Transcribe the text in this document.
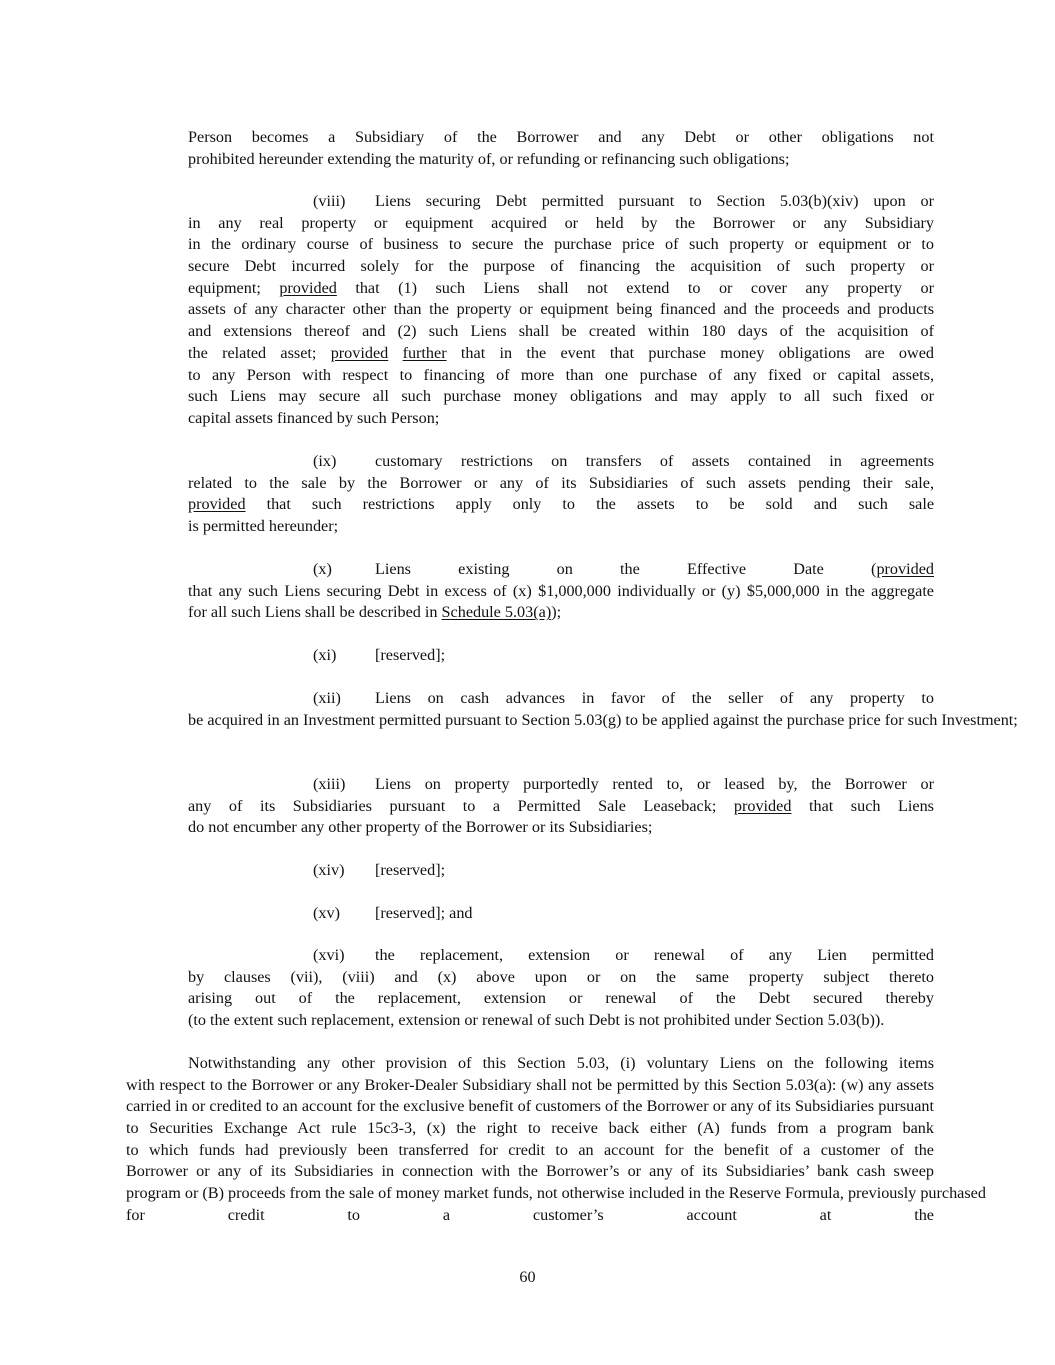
Person becomes a Subsidiary of the Borrower and any Debt or other obligations not
prohibited hereunder extending the maturity of, or refunding or refinancing such obligations;
(viii) Liens securing Debt permitted pursuant to Section 5.03(b)(xiv) upon or
in any real property or equipment acquired or held by the Borrower or any Subsidiary
in the ordinary course of business to secure the purchase price of such property or equipment or to
secure Debt incurred solely for the purpose of financing the acquisition of such property or
equipment; provided that (1) such Liens shall not extend to or cover any property or
assets of any character other than the property or equipment being financed and the proceeds and products
and extensions thereof and (2) such Liens shall be created within 180 days of the acquisition of
the related asset; provided further that in the event that purchase money obligations are owed
to any Person with respect to financing of more than one purchase of any fixed or capital assets,
such Liens may secure all such purchase money obligations and may apply to all such fixed or
capital assets financed by such Person;
(ix) customary restrictions on transfers of assets contained in agreements
related to the sale by the Borrower or any of its Subsidiaries of such assets pending their sale,
provided that such restrictions apply only to the assets to be sold and such sale
is permitted hereunder;
(x)	Liens existing on the Effective Date (provided
that any such Liens securing Debt in excess of (x) $1,000,000 individually or (y) $5,000,000 in the aggregate
for all such Liens shall be described in Schedule 5.03(a));
(xi) [reserved];
(xii) Liens on cash advances in favor of the seller of any property to
be acquired in an Investment permitted pursuant to Section 5.03(g) to be applied against the purchase price for such Investment;
(xiii) Liens on property purportedly rented to, or leased by, the Borrower or
any of its Subsidiaries pursuant to a Permitted Sale Leaseback; provided that such Liens
do not encumber any other property of the Borrower or its Subsidiaries;
(xiv) [reserved];
(xv) [reserved]; and
(xvi) the replacement, extension or renewal of any Lien permitted
by clauses (vii), (viii) and (x) above upon or on the same property subject thereto
arising out of the replacement, extension or renewal of the Debt secured thereby
(to the extent such replacement, extension or renewal of such Debt is not prohibited under Section 5.03(b)).
Notwithstanding any other provision of this Section 5.03, (i) voluntary Liens on the following items
with respect to the Borrower or any Broker-Dealer Subsidiary shall not be permitted by this Section 5.03(a): (w) any assets
carried in or credited to an account for the exclusive benefit of customers of the Borrower or any of its Subsidiaries pursuant
to Securities Exchange Act rule 15c3-3, (x) the right to receive back either (A) funds from a program bank
to which funds had previously been transferred for credit to an account for the benefit of a customer of the
Borrower or any of its Subsidiaries in connection with the Borrower’s or any of its Subsidiaries’ bank cash sweep
program or (B) proceeds from the sale of money market funds, not otherwise included in the Reserve Formula, previously purchased
for credit to a customer’s account at the
60
